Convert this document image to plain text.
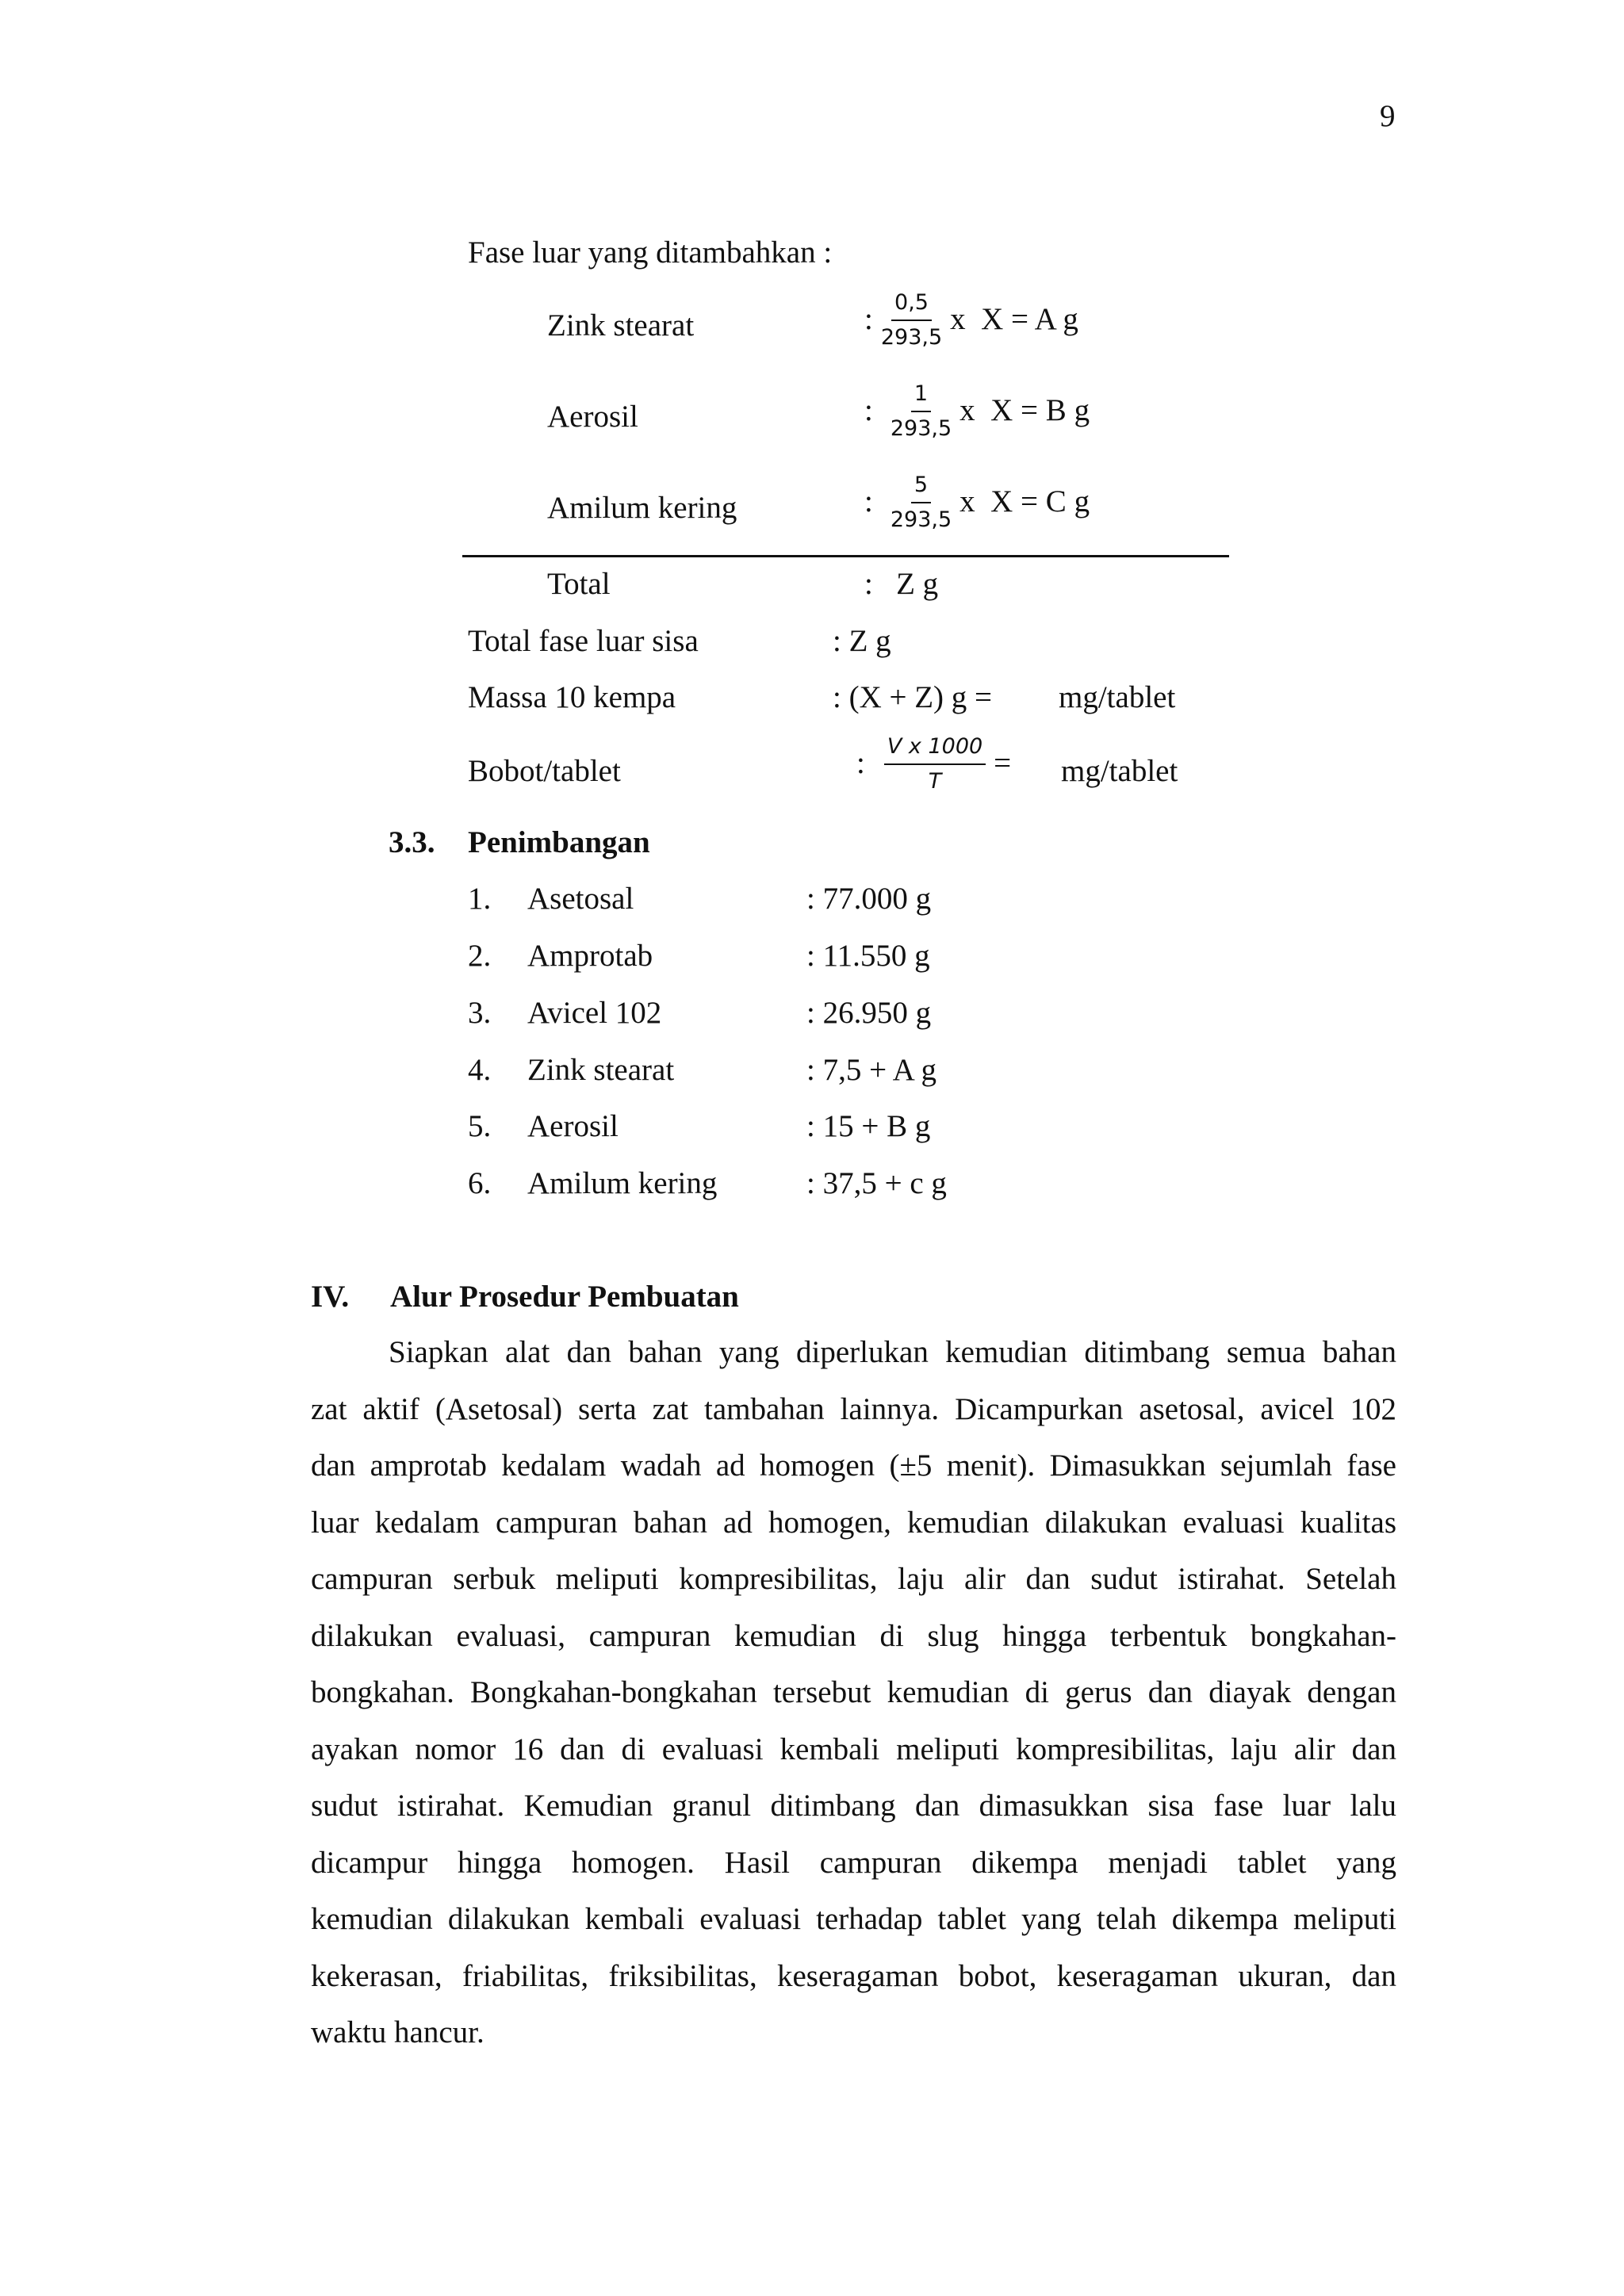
9
Fase luar yang ditambahkan :
Zink stearat	: $\frac{0,5}{293,5}$ x  X = A g
Aerosil	: $\frac{1}{293,5}$ x  X = B g
Amilum kering	: $\frac{5}{293,5}$ x  X = C g
Total	:   Z g
Total fase luar sisa	: Z g
Massa 10 kempa	: (X + Z) g = mg/tablet
Bobot/tablet	: $\frac{\text{V x 1000}}{T}$ = mg/tablet
3.3. Penimbangan
1. Asetosal	: 77.000 g
2. Amprotab	: 11.550 g
3. Avicel 102	: 26.950 g
4. Zink stearat	: 7,5 + A g
5. Aerosil	: 15 + B g
6. Amilum kering	: 37,5 + c g
IV. Alur Prosedur Pembuatan
Siapkan alat dan bahan yang diperlukan kemudian ditimbang semua bahan
zat aktif (Asetosal) serta zat tambahan lainnya. Dicampurkan asetosal, avicel 102
dan amprotab kedalam wadah ad homogen (±5 menit). Dimasukkan sejumlah fase
luar kedalam campuran bahan ad homogen, kemudian dilakukan evaluasi kualitas
campuran serbuk meliputi kompresibilitas, laju alir dan sudut istirahat. Setelah
dilakukan evaluasi, campuran kemudian di slug hingga terbentuk bongkahan-
bongkahan. Bongkahan-bongkahan tersebut kemudian di gerus dan diayak dengan
ayakan nomor 16 dan di evaluasi kembali meliputi kompresibilitas, laju alir dan
sudut istirahat. Kemudian granul ditimbang dan dimasukkan sisa fase luar lalu
dicampur hingga homogen. Hasil campuran dikempa menjadi tablet yang
kemudian dilakukan kembali evaluasi terhadap tablet yang telah dikempa meliputi
kekerasan, friabilitas, friksibilitas, keseragaman bobot, keseragaman ukuran, dan
waktu hancur.
